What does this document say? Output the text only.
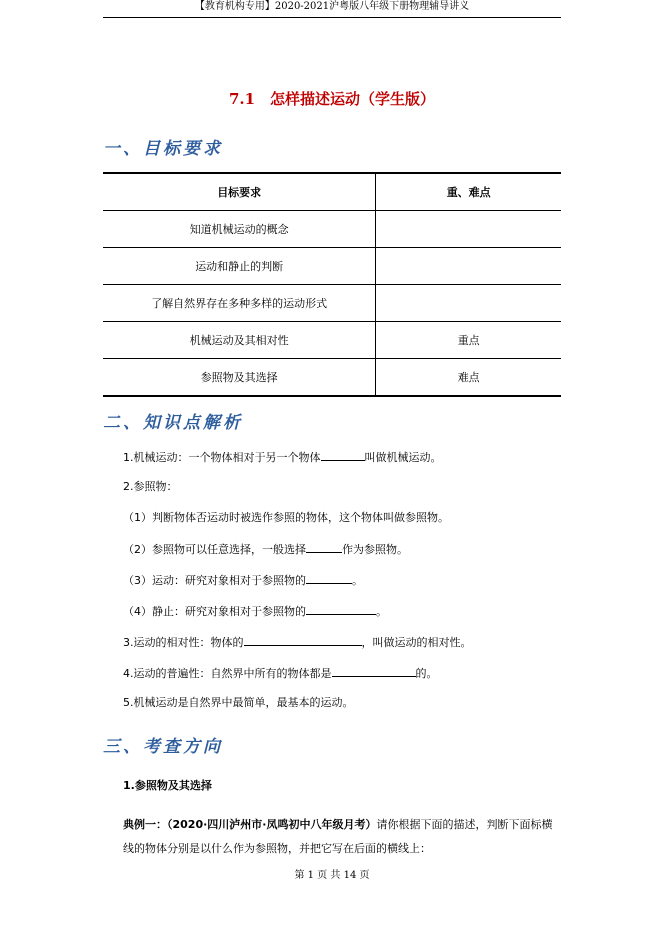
【教育机构专用】2020-2021沪粤版八年级下册物理辅导讲义
7.1　怎样描述运动（学生版）
一、目标要求
目标要求	重、难点
知道机械运动的概念	
运动和静止的判断	
了解自然界存在多种多样的运动形式	
机械运动及其相对性	重点
参照物及其选择	难点
二、知识点解析
1.机械运动：一个物体相对于另一个物体	叫做机械运动。
2.参照物：
（1）判断物体否运动时被选作参照的物体，这个物体叫做参照物。
（2）参照物可以任意选择，一般选择	作为参照物。
（3）运动：研究对象相对于参照物的	。
（4）静止：研究对象相对于参照物的	。
3.运动的相对性：物体的	，叫做运动的相对性。
4.运动的普遍性：自然界中所有的物体都是	的。
5.机械运动是自然界中最简单，最基本的运动。
三、考查方向
1.参照物及其选择
典例一：（2020·四川泸州市·凤鸣初中八年级月考）请你根据下面的描述，判断下面标横线的物体分别是以什么作为参照物，并把它写在后面的横线上：
第 1 页 共 14 页
